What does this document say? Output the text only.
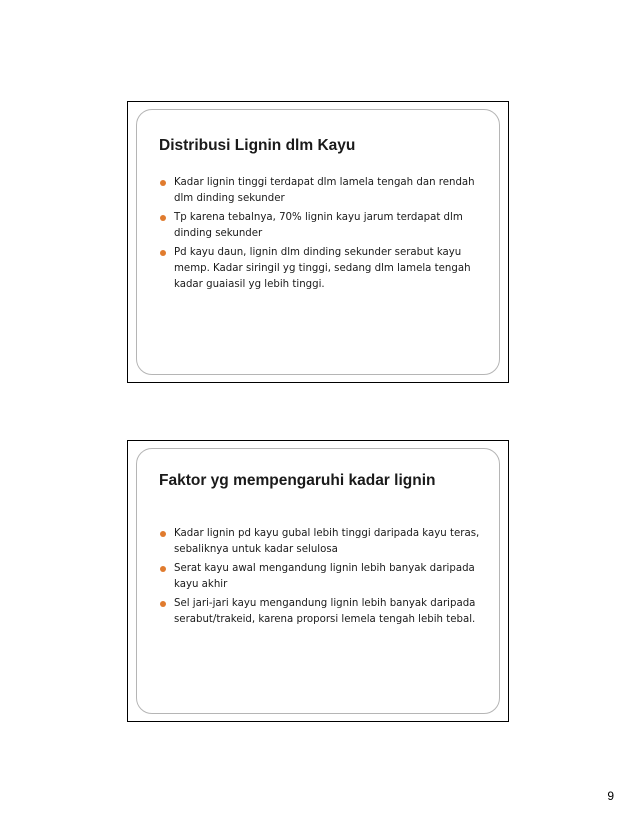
Distribusi Lignin dlm Kayu
Kadar lignin tinggi terdapat dlm lamela tengah dan rendah dlm dinding sekunder
Tp karena tebalnya, 70% lignin kayu jarum terdapat dlm dinding sekunder
Pd kayu daun, lignin dlm dinding sekunder serabut kayu memp. Kadar siringil yg tinggi, sedang dlm lamela tengah kadar guaiasil yg lebih tinggi.
Faktor yg mempengaruhi kadar lignin
Kadar lignin pd kayu gubal lebih tinggi daripada kayu teras, sebaliknya untuk kadar selulosa
Serat kayu awal mengandung lignin lebih banyak daripada kayu akhir
Sel jari-jari kayu mengandung lignin lebih banyak daripada serabut/trakeid, karena proporsi lemela tengah lebih tebal.
9
